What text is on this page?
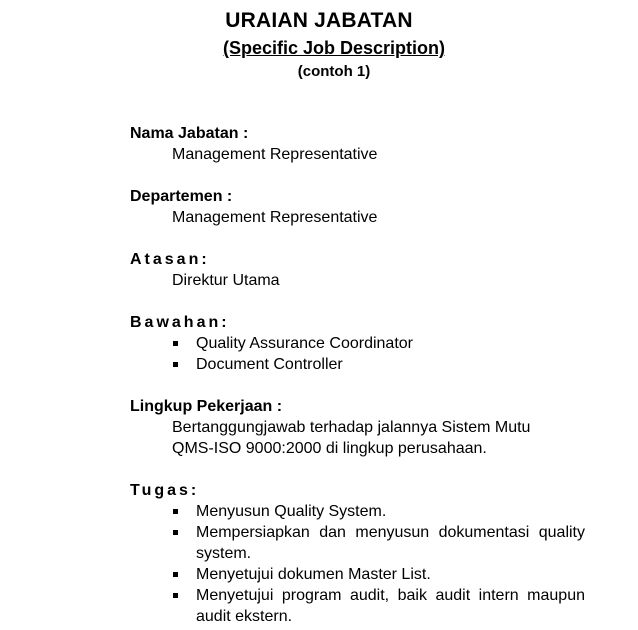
URAIAN JABATAN
(Specific Job Description)
(contoh 1)
Nama Jabatan :
Management Representative
Departemen :
Management Representative
Atasan:
Direktur Utama
Bawahan:
Quality Assurance Coordinator
Document Controller
Lingkup Pekerjaan :
Bertanggungjawab terhadap jalannya Sistem Mutu
QMS-ISO 9000:2000 di lingkup perusahaan.
Tugas:
Menyusun Quality System.
Mempersiapkan dan menyusun dokumentasi quality system.
Menyetujui dokumen Master List.
Menyetujui program audit, baik audit intern maupun audit ekstern.
